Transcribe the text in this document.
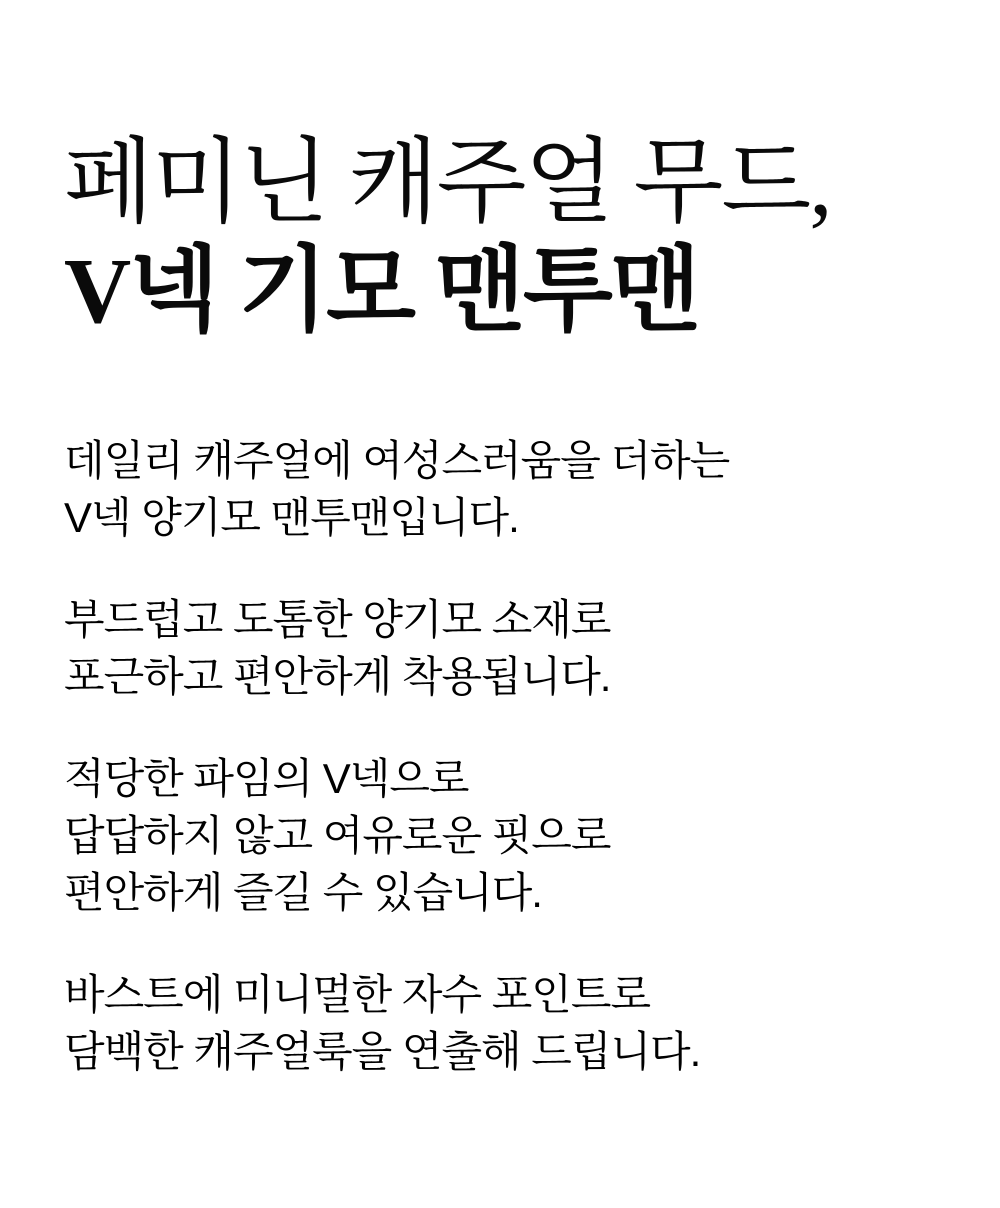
페미닌 캐주얼 무드,
V넥 기모 맨투맨

데일리 캐주얼에 여성스러움을 더하는
V넥 양기모 맨투맨입니다.

부드럽고 도톰한 양기모 소재로
포근하고 편안하게 착용됩니다.

적당한 파임의 V넥으로
답답하지 않고 여유로운 핏으로
편안하게 즐길 수 있습니다.

바스트에 미니멀한 자수 포인트로
담백한 캐주얼룩을 연출해 드립니다.
